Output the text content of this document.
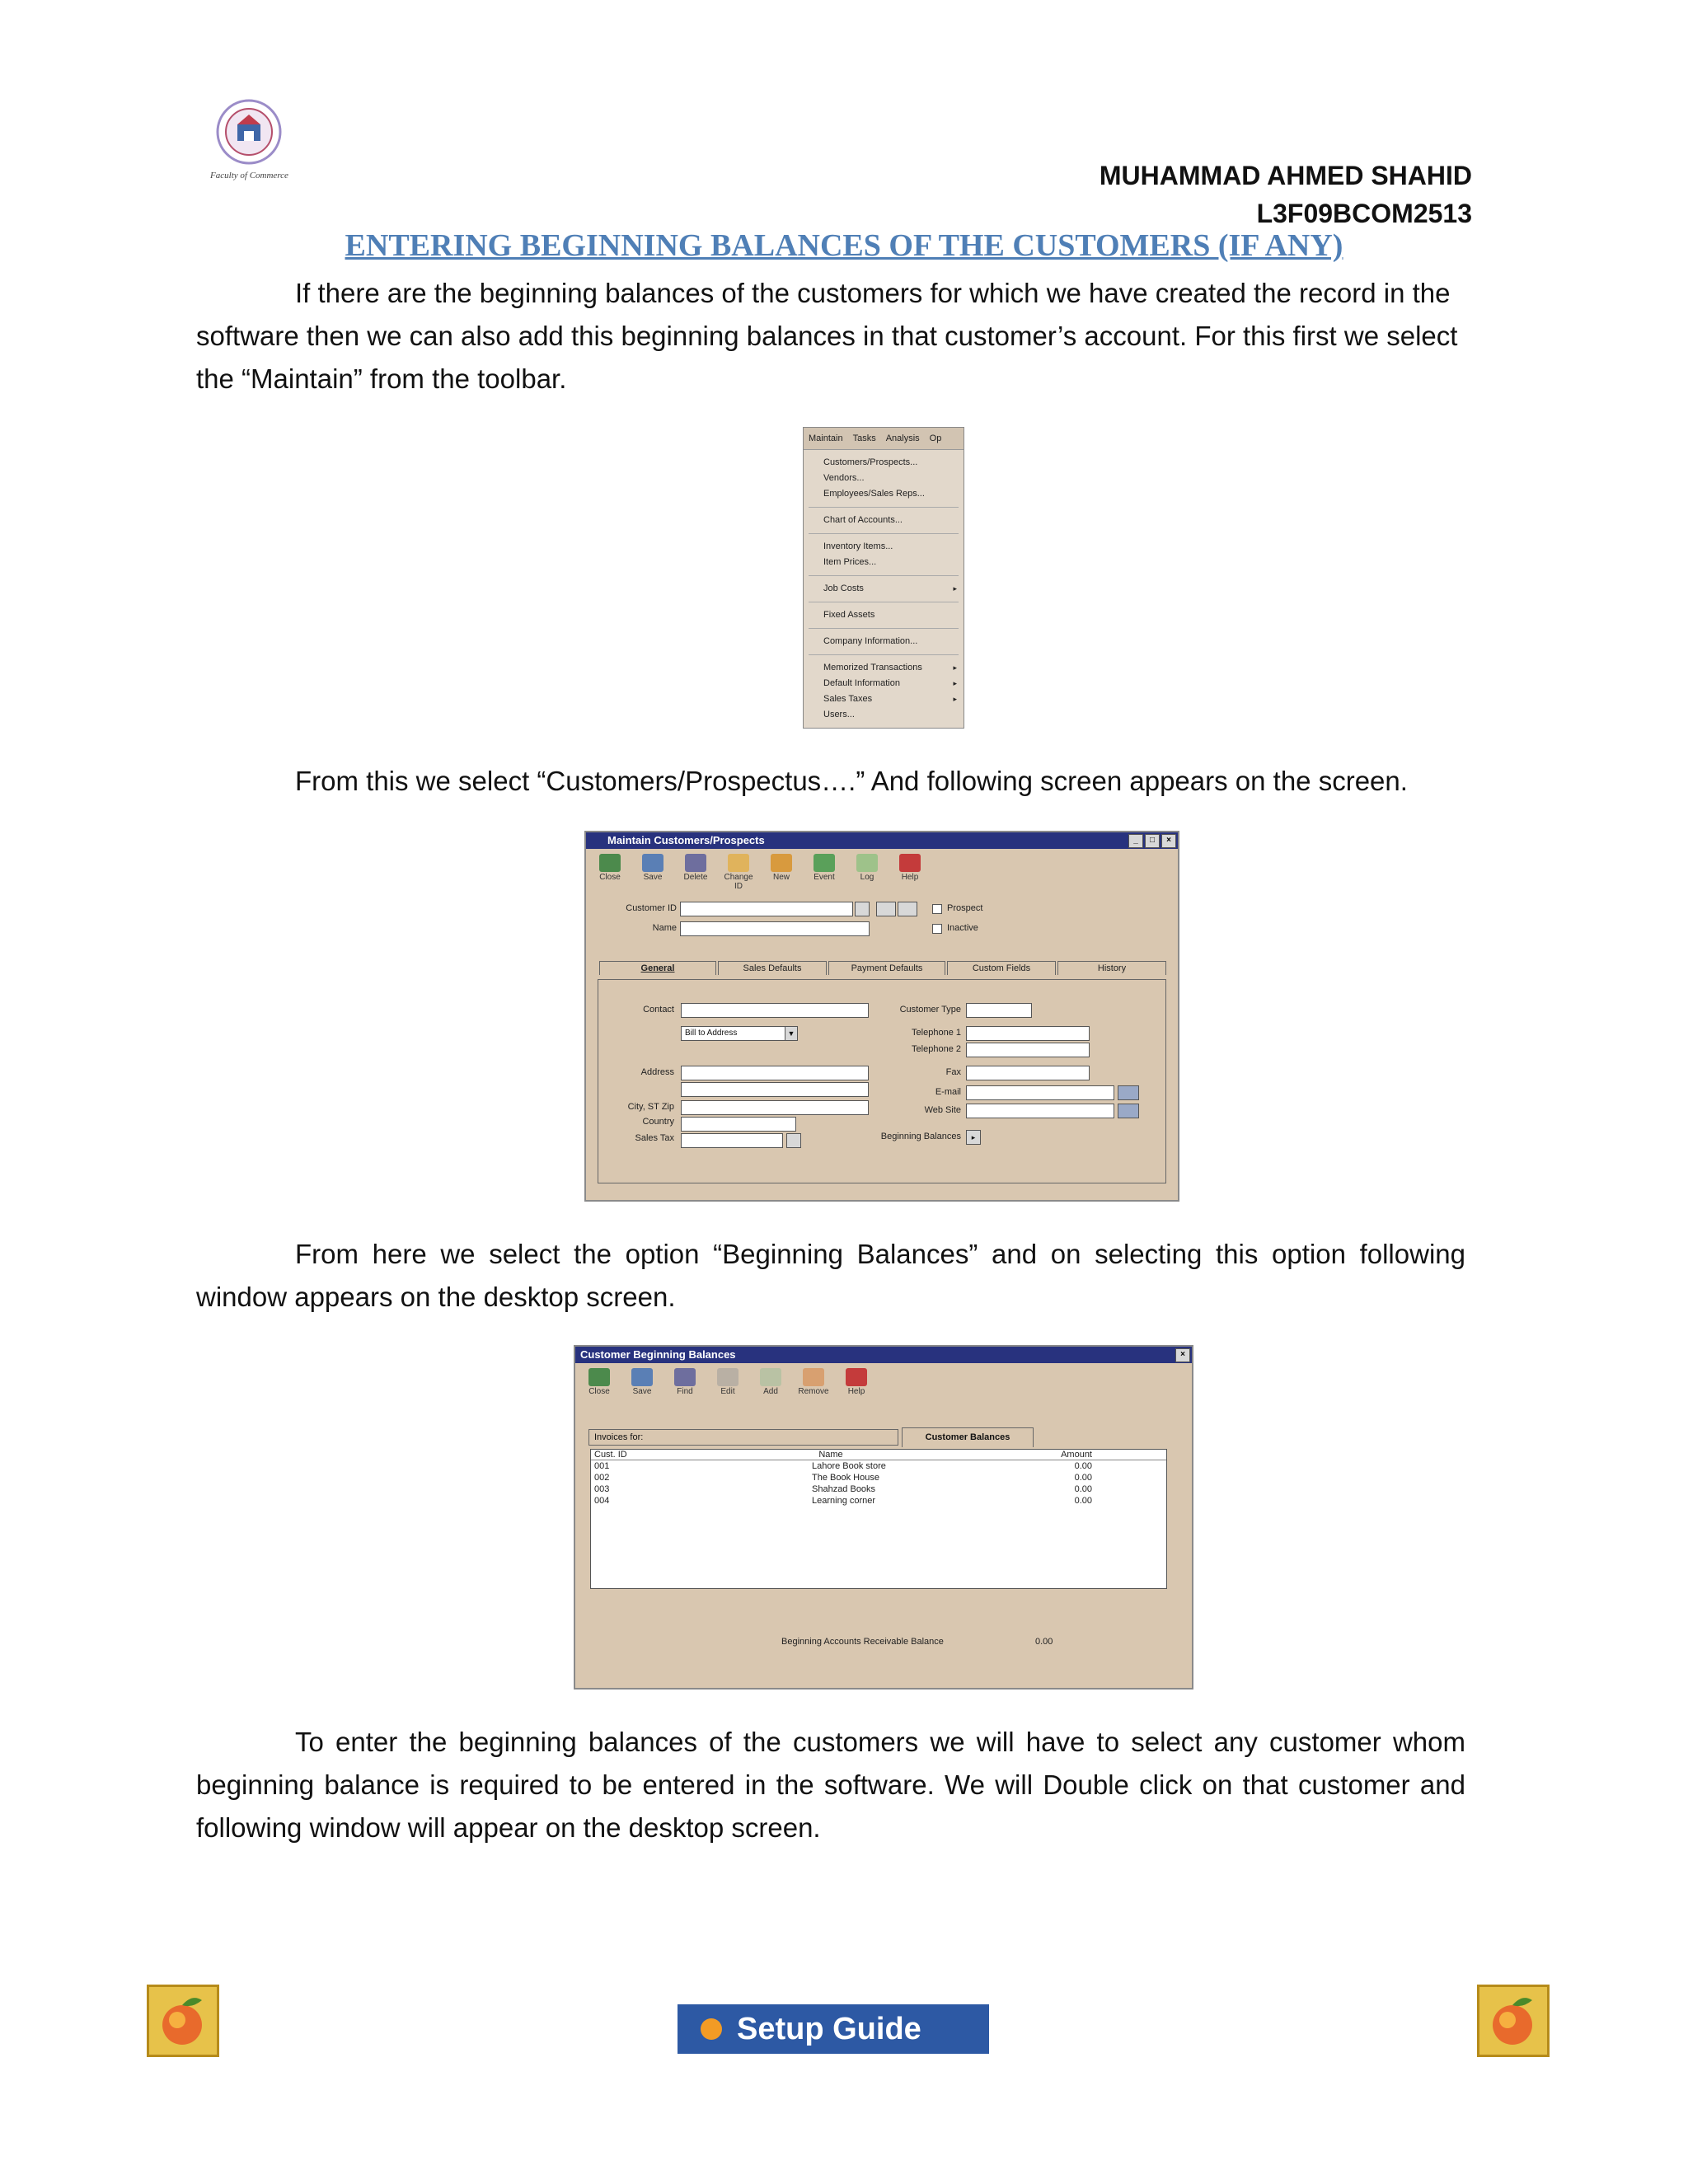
Faculty of Commerce	MUHAMMAD AHMED SHAHID
L3F09BCOM2513
ENTERING BEGINNING BALANCES OF THE CUSTOMERS (IF ANY)
If there are the beginning balances of the customers for which we have created the record in the software then we can also add this beginning balances in that customer’s account. For this first we select the “Maintain” from the toolbar.
Maintain Tasks Analysis Op
Customers/Prospects...
Vendors...
Employees/Sales Reps...
Chart of Accounts...
Inventory Items...
Item Prices...
Job Costs	▸
Fixed Assets
Company Information...
Memorized Transactions	▸
Default Information	▸
Sales Taxes	▸
Users...
From this we select “Customers/Prospectus….” And following screen appears on the screen.
Maintain Customers/Prospects	_	□	×
Close	Save	Delete	Change ID
New	Event	Log	Help
Customer ID	Prospect
Name	Inactive
General	Sales Defaults	Payment Defaults	Custom Fields	History
Contact
Bill to Address	▼
Address
City, ST Zip
Country
Sales Tax
Customer Type
Telephone 1
Telephone 2
Fax
E-mail
Web Site
Beginning Balances	▸
From here we select the option “Beginning Balances” and on selecting this option following window appears on the desktop screen.
Customer Beginning Balances	×
Close	Save	Find	Edit	Add	Remove	Help
Invoices for:	Customer Balances
Cust. ID	Name	Amount
001	Lahore Book store	0.00
002	The Book House	0.00
003	Shahzad Books	0.00
004	Learning corner	0.00
Beginning Accounts Receivable Balance	0.00
To enter the beginning balances of the customers we will have to select any customer whom beginning balance is required to be entered in the software. We will Double click on that customer and following window will appear on the desktop screen.
Setup Guide
